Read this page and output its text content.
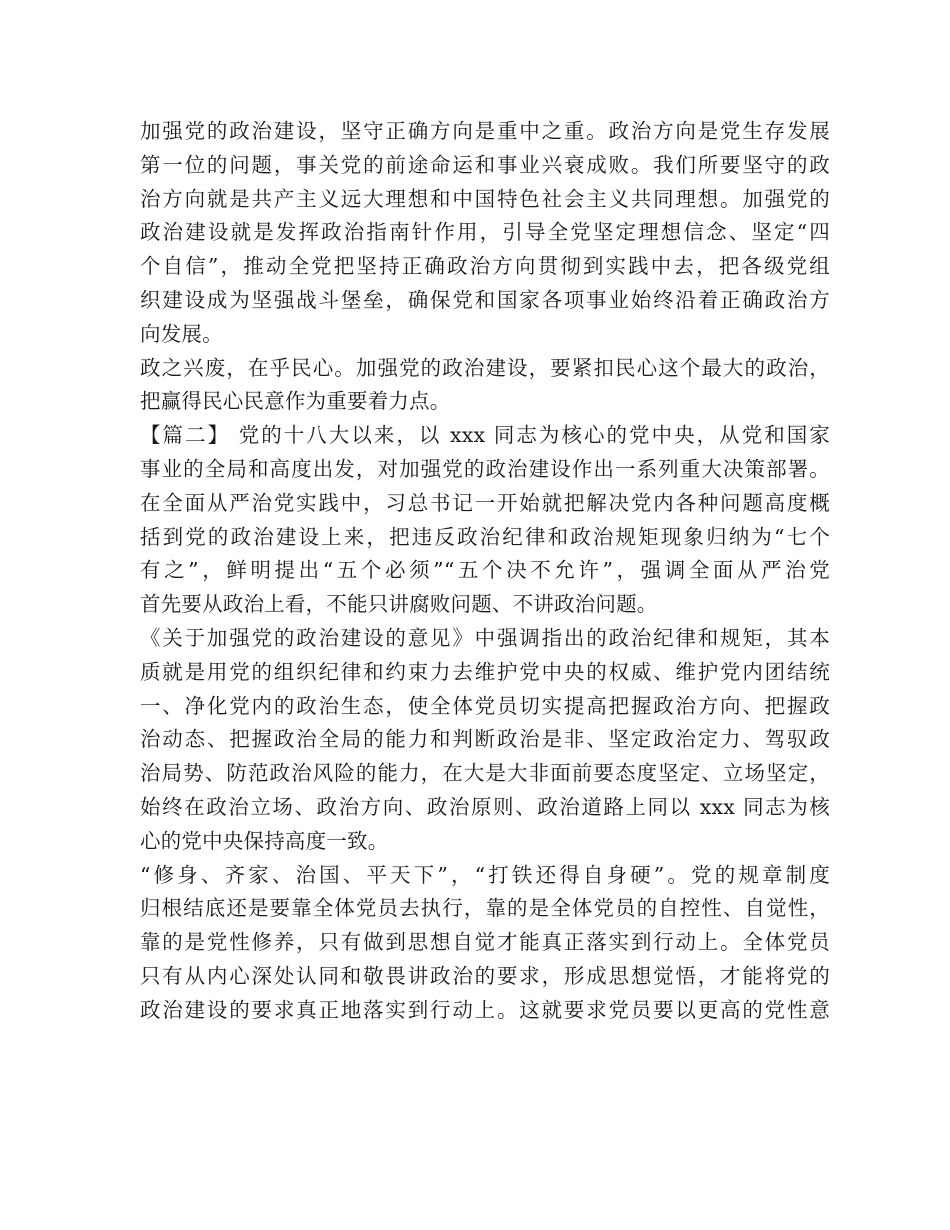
加强党的政治建设，坚守正确方向是重中之重。政治方向是党生存发展
第一位的问题，事关党的前途命运和事业兴衰成败。我们所要坚守的政
治方向就是共产主义远大理想和中国特色社会主义共同理想。加强党的
政治建设就是发挥政治指南针作用，引导全党坚定理想信念、坚定“四
个自信”，推动全党把坚持正确政治方向贯彻到实践中去，把各级党组
织建设成为坚强战斗堡垒，确保党和国家各项事业始终沿着正确政治方
向发展。
政之兴废，在乎民心。加强党的政治建设，要紧扣民心这个最大的政治，
把赢得民心民意作为重要着力点。
【篇二】 党的十八大以来，以 xxx 同志为核心的党中央，从党和国家
事业的全局和高度出发，对加强党的政治建设作出一系列重大决策部署。
在全面从严治党实践中，习总书记一开始就把解决党内各种问题高度概
括到党的政治建设上来，把违反政治纪律和政治规矩现象归纳为“七个
有之”，鲜明提出“五个必须”“五个决不允许”，强调全面从严治党
首先要从政治上看，不能只讲腐败问题、不讲政治问题。
《关于加强党的政治建设的意见》中强调指出的政治纪律和规矩，其本
质就是用党的组织纪律和约束力去维护党中央的权威、维护党内团结统
一、净化党内的政治生态，使全体党员切实提高把握政治方向、把握政
治动态、把握政治全局的能力和判断政治是非、坚定政治定力、驾驭政
治局势、防范政治风险的能力，在大是大非面前要态度坚定、立场坚定，
始终在政治立场、政治方向、政治原则、政治道路上同以 xxx 同志为核
心的党中央保持高度一致。
“修身、齐家、治国、平天下”，“打铁还得自身硬”。党的规章制度
归根结底还是要靠全体党员去执行，靠的是全体党员的自控性、自觉性，
靠的是党性修养，只有做到思想自觉才能真正落实到行动上。全体党员
只有从内心深处认同和敬畏讲政治的要求，形成思想觉悟，才能将党的
政治建设的要求真正地落实到行动上。这就要求党员要以更高的党性意
